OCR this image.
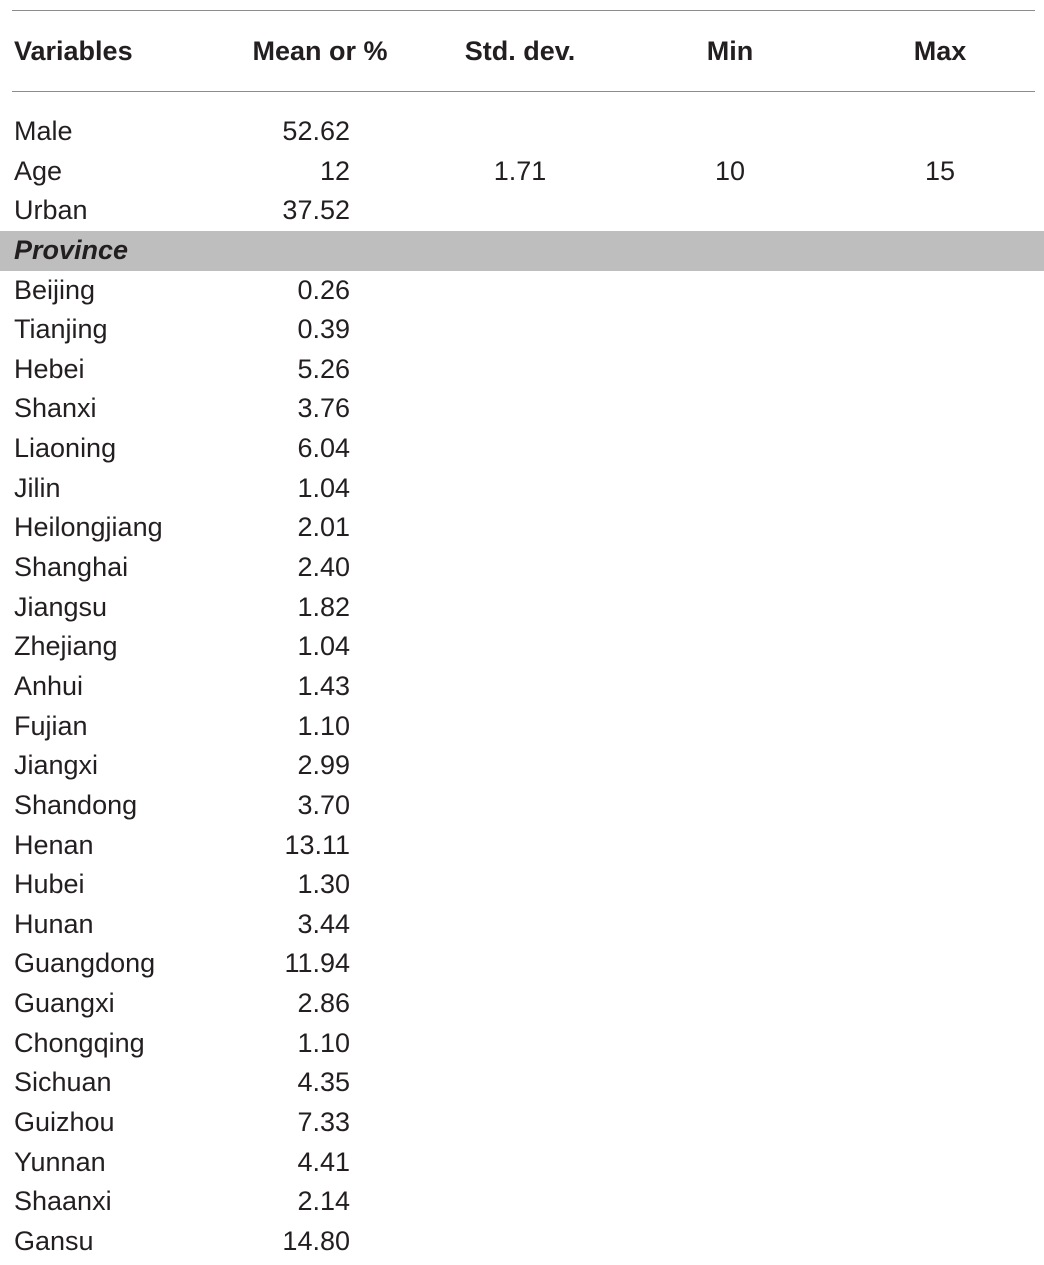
Variables	Mean or %	Std. dev.	Min	Max
Male	52.62
Age	12	1.71	10	15
Urban	37.52
Province
Beijing	0.26
Tianjing	0.39
Hebei	5.26
Shanxi	3.76
Liaoning	6.04
Jilin	1.04
Heilongjiang	2.01
Shanghai	2.40
Jiangsu	1.82
Zhejiang	1.04
Anhui	1.43
Fujian	1.10
Jiangxi	2.99
Shandong	3.70
Henan	13.11
Hubei	1.30
Hunan	3.44
Guangdong	11.94
Guangxi	2.86
Chongqing	1.10
Sichuan	4.35
Guizhou	7.33
Yunnan	4.41
Shaanxi	2.14
Gansu	14.80
